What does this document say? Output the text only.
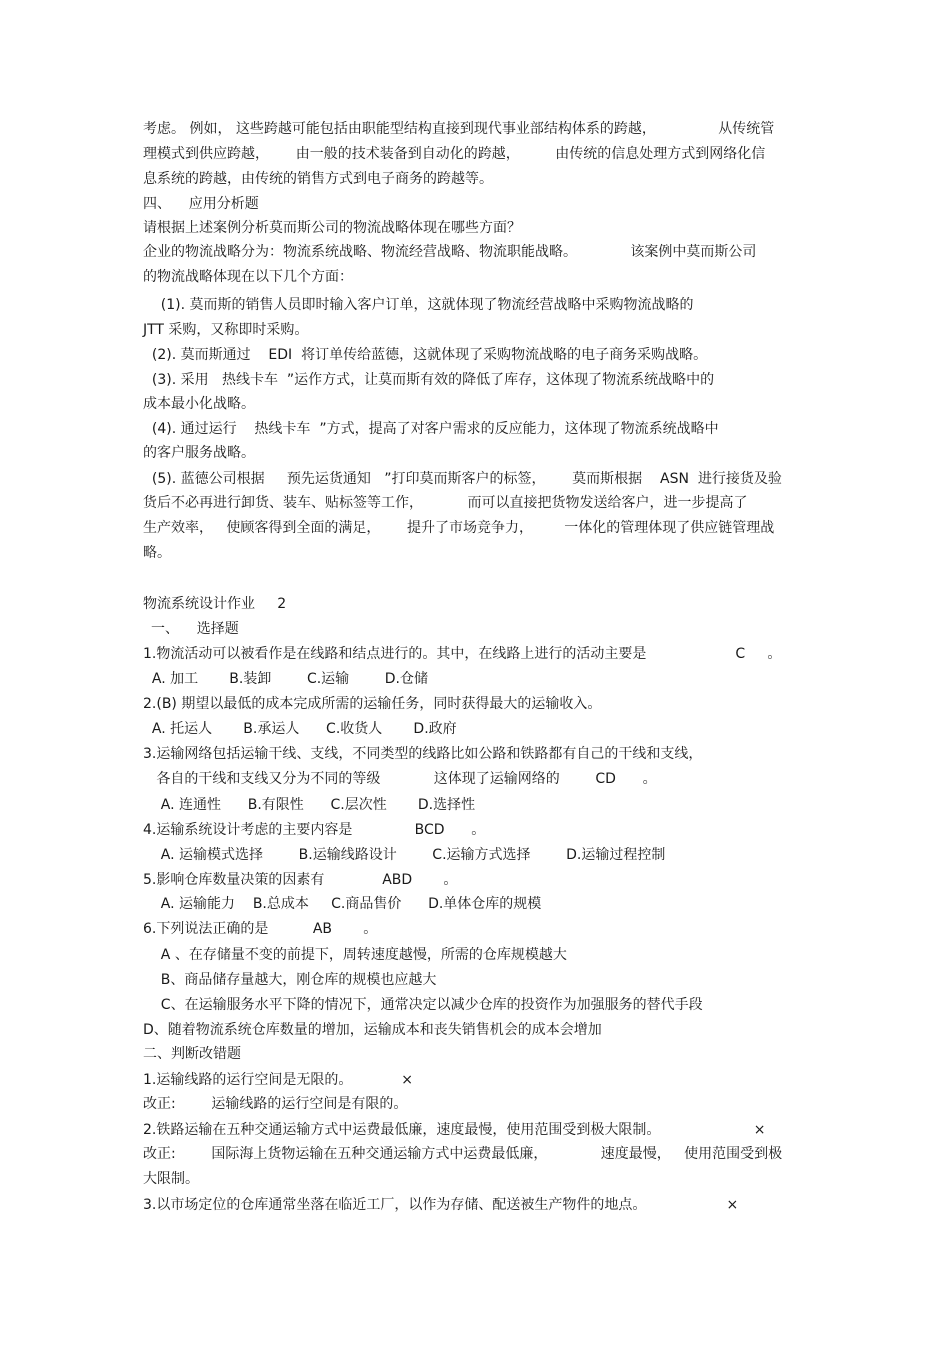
考虑。 例如， 这些跨越可能包括由职能型结构直接到现代事业部结构体系的跨越，              从传统管
理模式到供应跨越，      由一般的技术装备到自动化的跨越，        由传统的信息处理方式到网络化信
息系统的跨越，由传统的销售方式到电子商务的跨越等。
四、    应用分析题
请根据上述案例分析莫而斯公司的物流战略体现在哪些方面？
企业的物流战略分为：物流系统战略、物流经营战略、物流职能战略。            该案例中莫而斯公司
的物流战略体现在以下几个方面：
(1). 莫而斯的销售人员即时输入客户订单，这就体现了物流经营战略中采购物流战略的
JTT 采购，又称即时采购。
(2). 莫而斯通过    EDI  将订单传给蓝德，这就体现了采购物流战略的电子商务采购战略。
(3). 采用   热线卡车  ”运作方式，让莫而斯有效的降低了库存，这体现了物流系统战略中的
成本最小化战略。
(4). 通过运行    热线卡车  ”方式，提高了对客户需求的反应能力，这体现了物流系统战略中
的客户服务战略。
(5). 蓝德公司根据     预先运货通知   ”打印莫而斯客户的标签，      莫而斯根据    ASN  进行接货及验
货后不必再进行卸货、装车、贴标签等工作，          而可以直接把货物发送给客户，进一步提高了
生产效率，   使顾客得到全面的满足，      提升了市场竞争力，       一体化的管理体现了供应链管理战
略。
物流系统设计作业     2
一、    选择题
1.物流活动可以被看作是在线路和结点进行的。其中，在线路上进行的活动主要是                    C     。
A. 加工       B.装卸        C.运输        D.仓储
2.(B) 期望以最低的成本完成所需的运输任务，同时获得最大的运输收入。
A. 托运人       B.承运人      C.收货人       D.政府
3.运输网络包括运输干线、支线，不同类型的线路比如公路和铁路都有自己的干线和支线，
各自的干线和支线又分为不同的等级            这体现了运输网络的        CD      。
A. 连通性      B.有限性      C.层次性       D.选择性
4.运输系统设计考虑的主要内容是              BCD      。
A. 运输模式选择        B.运输线路设计        C.运输方式选择        D.运输过程控制
5.影响仓库数量决策的因素有             ABD       。
A. 运输能力    B.总成本     C.商品售价      D.单体仓库的规模
6.下列说法正确的是          AB       。
A 、在存储量不变的前提下，周转速度越慢，所需的仓库规模越大
B、商品储存量越大，刚仓库的规模也应越大
C、在运输服务水平下降的情况下，通常决定以减少仓库的投资作为加强服务的替代手段
D、随着物流系统仓库数量的增加，运输成本和丧失销售机会的成本会增加
二、判断改错题
1.运输线路的运行空间是无限的。           ×
改正:        运输线路的运行空间是有限的。
2.铁路运输在五种交通运输方式中运费最低廉，速度最慢，使用范围受到极大限制。                     ×
改正:        国际海上货物运输在五种交通运输方式中运费最低廉，            速度最慢，   使用范围受到极
大限制。
3.以市场定位的仓库通常坐落在临近工厂，以作为存储、配送被生产物件的地点。                  ×
